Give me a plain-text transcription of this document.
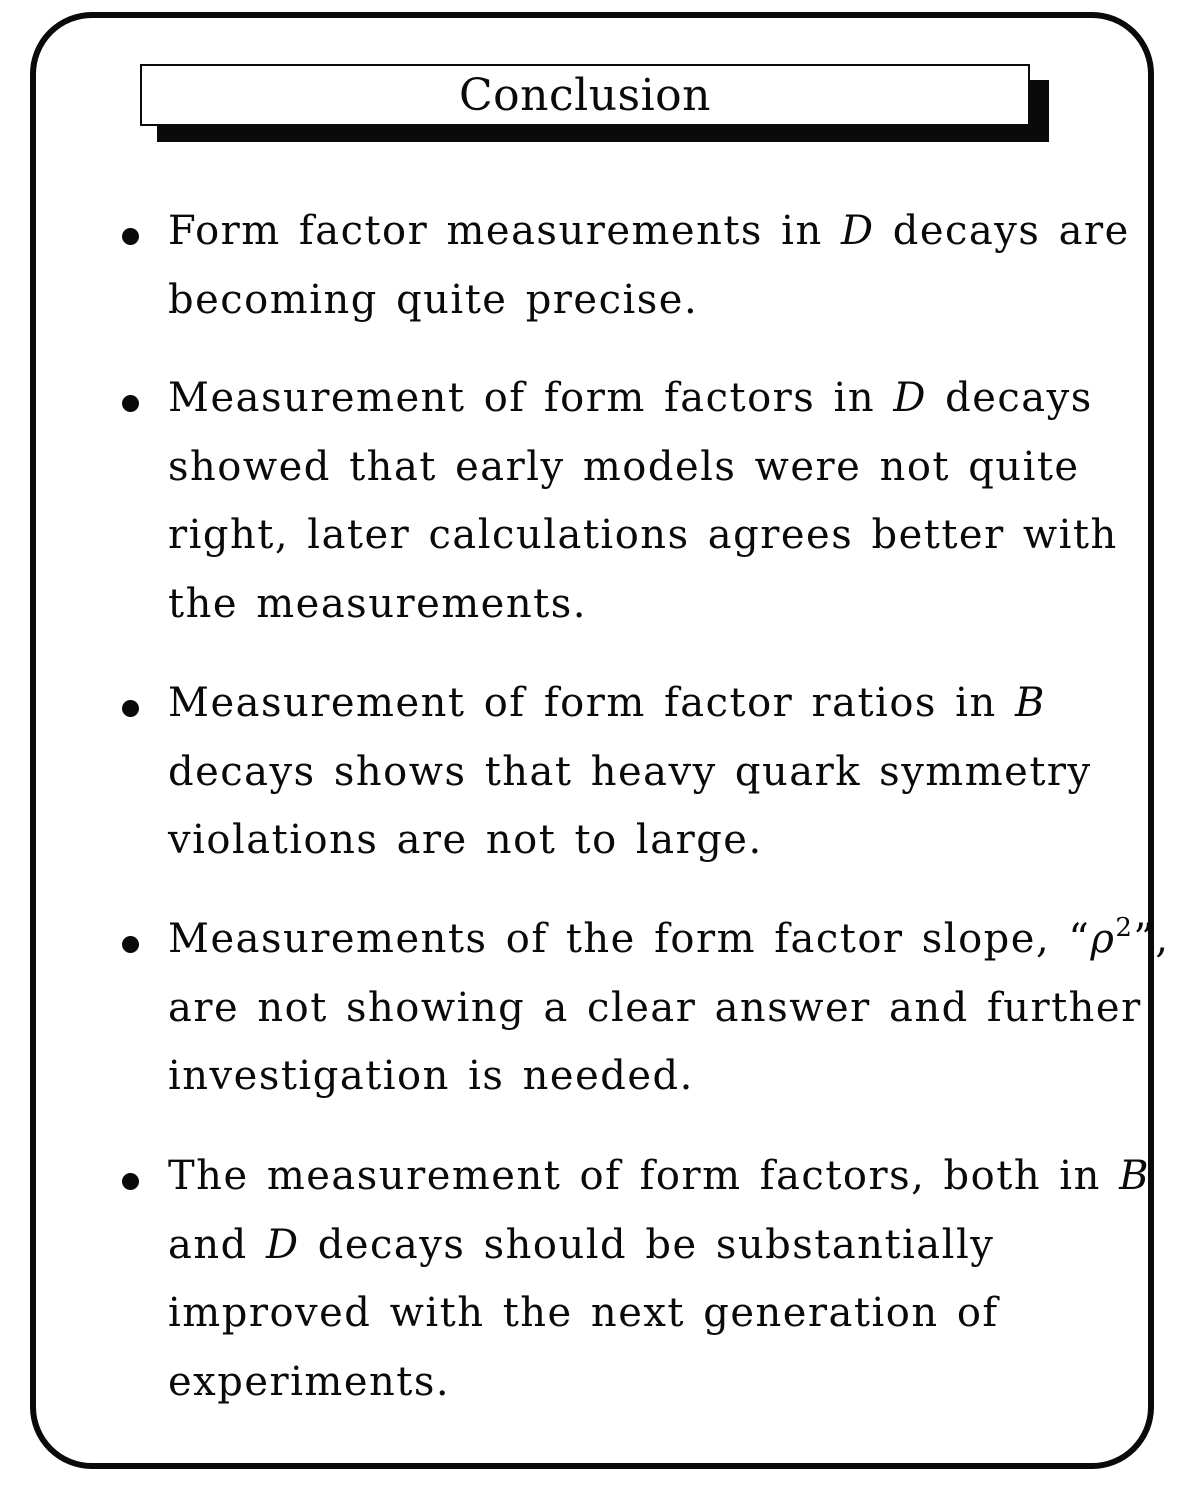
Conclusion
Form factor measurements in D decays are
becoming quite precise.
Measurement of form factors in D decays
showed that early models were not quite
right, later calculations agrees better with
the measurements.
Measurement of form factor ratios in B
decays shows that heavy quark symmetry
violations are not to large.
Measurements of the form factor slope, “$\rho^2$”,
are not showing a clear answer and further
investigation is needed.
The measurement of form factors, both in B
and D decays should be substantially
improved with the next generation of
experiments.
